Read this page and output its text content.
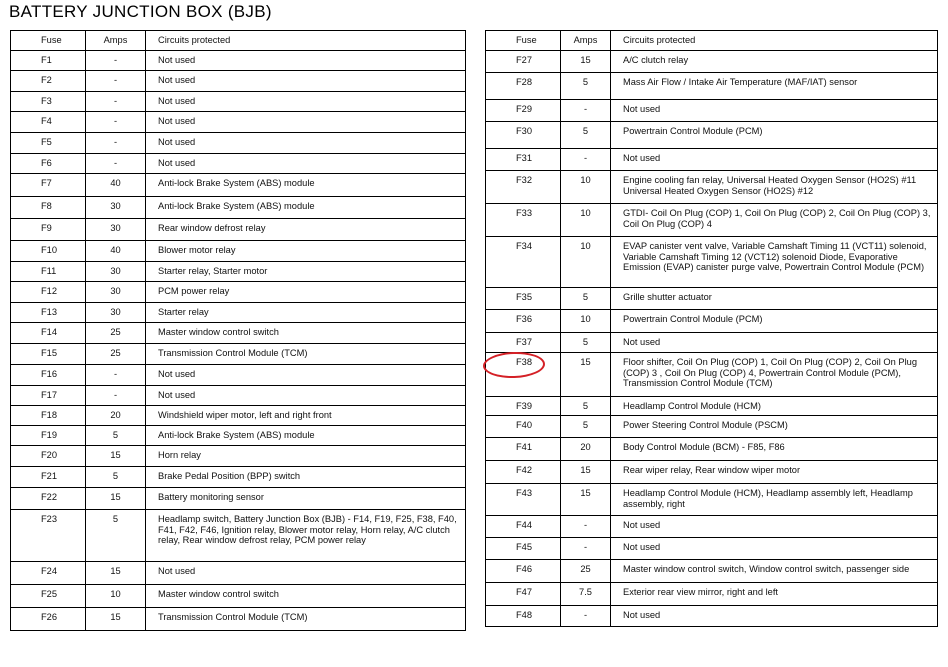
BATTERY JUNCTION BOX (BJB)
Fuse	Amps	Circuits protected
F1	-	Not used
F2	-	Not used
F3	-	Not used
F4	-	Not used
F5	-	Not used
F6	-	Not used
F7	40	Anti-lock Brake System (ABS) module
F8	30	Anti-lock Brake System (ABS) module
F9	30	Rear window defrost relay
F10	40	Blower motor relay
F11	30	Starter relay, Starter motor
F12	30	PCM power relay
F13	30	Starter relay
F14	25	Master window control switch
F15	25	Transmission Control Module (TCM)
F16	-	Not used
F17	-	Not used
F18	20	Windshield wiper motor, left and right front
F19	5	Anti-lock Brake System (ABS) module
F20	15	Horn relay
F21	5	Brake Pedal Position (BPP) switch
F22	15	Battery monitoring sensor
F23	5	Headlamp switch, Battery Junction Box (BJB) - F14, F19, F25, F38, F40, F41, F42, F46, Ignition relay, Blower motor relay, Horn relay, A/C clutch relay, Rear window defrost relay, PCM power relay
F24	15	Not used
F25	10	Master window control switch
F26	15	Transmission Control Module (TCM)
Fuse	Amps	Circuits protected
F27	15	A/C clutch relay
F28	5	Mass Air Flow / Intake Air Temperature (MAF/IAT) sensor
F29	-	Not used
F30	5	Powertrain Control Module (PCM)
F31	-	Not used
F32	10	Engine cooling fan relay, Universal Heated Oxygen Sensor (HO2S) #11 Universal Heated Oxygen Sensor (HO2S) #12
F33	10	GTDI- Coil On Plug (COP) 1, Coil On Plug (COP) 2, Coil On Plug (COP) 3, Coil On Plug (COP) 4
F34	10	EVAP canister vent valve, Variable Camshaft Timing 11 (VCT11) solenoid, Variable Camshaft Timing 12 (VCT12) solenoid Diode, Evaporative Emission (EVAP) canister purge valve, Powertrain Control Module (PCM)
F35	5	Grille shutter actuator
F36	10	Powertrain Control Module (PCM)
F37	5	Not used
F38	15	Floor shifter, Coil On Plug (COP) 1, Coil On Plug (COP) 2, Coil On Plug (COP) 3 , Coil On Plug (COP) 4, Powertrain Control Module (PCM), Transmission Control Module (TCM)
F39	5	Headlamp Control Module (HCM)
F40	5	Power Steering Control Module (PSCM)
F41	20	Body Control Module (BCM) - F85, F86
F42	15	Rear wiper relay, Rear window wiper motor
F43	15	Headlamp Control Module (HCM), Headlamp assembly left, Headlamp assembly, right
F44	-	Not used
F45	-	Not used
F46	25	Master window control switch, Window control switch, passenger side
F47	7.5	Exterior rear view mirror, right and left
F48	-	Not used
